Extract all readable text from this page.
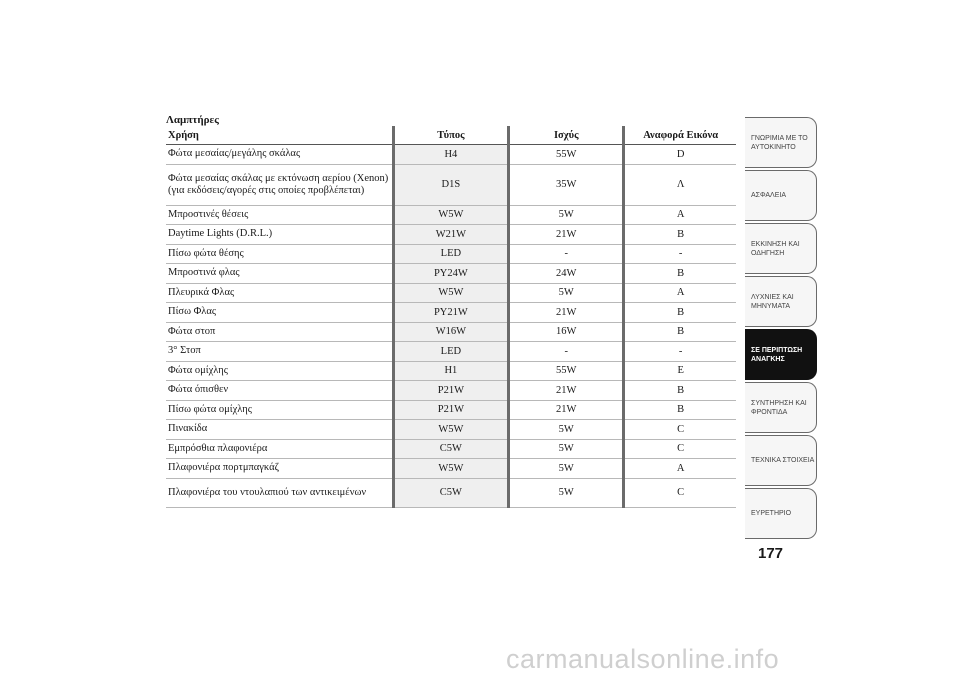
Λαμπτήρες
Χρήση	Τύπος	Ισχύς	Αναφορά Εικόνα
Φώτα μεσαίας/μεγάλης σκάλας	H4	55W	D
Φώτα μεσαίας σκάλας με εκτόνωση αερίου (Xenon) (για εκδόσεις/αγορές στις οποίες προβλέπεται)	D1S	35W	Λ
Μπροστινές θέσεις	W5W	5W	A
Daytime Lights (D.R.L.)	W21W	21W	B
Πίσω φώτα θέσης	LED	-	-
Μπροστινά φλας	PY24W	24W	B
Πλευρικά Φλας	W5W	5W	A
Πίσω Φλας	PY21W	21W	B
Φώτα στοπ	W16W	16W	B
3° Στοπ	LED	-	-
Φώτα ομίχλης	H1	55W	E
Φώτα όπισθεν	P21W	21W	B
Πίσω φώτα ομίχλης	P21W	21W	B
Πινακίδα	W5W	5W	C
Εμπρόσθια πλαφονιέρα	C5W	5W	C
Πλαφονιέρα πορτμπαγκάζ	W5W	5W	A
Πλαφονιέρα του ντουλαπιού των αντικειμένων	C5W	5W	C
ΓΝΩΡΙΜΙΑ ΜΕ ΤΟ ΑΥΤΟΚΙΝΗΤΟ
ΑΣΦΑΛΕΙΑ
ΕΚΚΙΝΗΣΗ ΚΑΙ ΟΔΗΓΗΣΗ
ΛΥΧΝΙΕΣ ΚΑΙ ΜΗΝΥΜΑΤΑ
ΣΕ ΠΕΡΙΠΤΩΣΗ ΑΝΑΓΚΗΣ
ΣΥΝΤΗΡΗΣΗ ΚΑΙ ΦΡΟΝΤΙΔΑ
ΤΕΧΝΙΚΑ ΣΤΟΙΧΕΙΑ
ΕΥΡΕΤΗΡΙΟ
177
carmanualsonline.info
